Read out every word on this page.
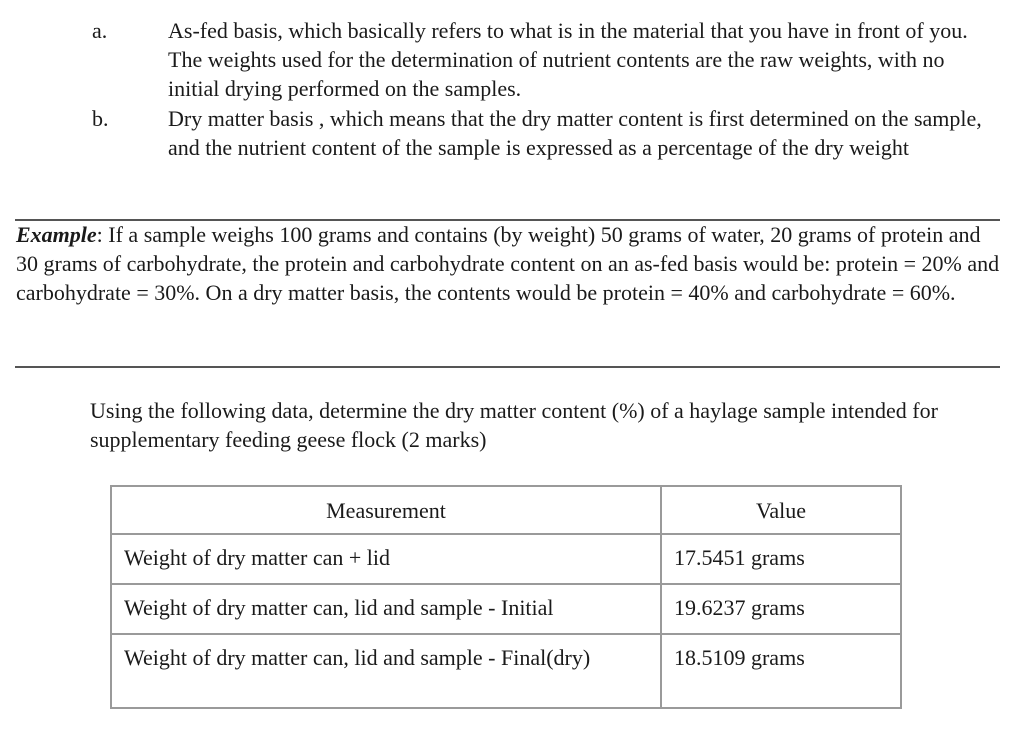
a.	As-fed basis, which basically refers to what is in the material that you have in front of you. The weights used for the determination of nutrient contents are the raw weights, with no initial drying performed on the samples.
b.	Dry matter basis , which means that the dry matter content is first determined on the sample, and the nutrient content of the sample is expressed as a percentage of the dry weight
Example: If a sample weighs 100 grams and contains (by weight) 50 grams of water, 20 grams of protein and 30 grams of carbohydrate, the protein and carbohydrate content on an as-fed basis would be: protein = 20% and carbohydrate = 30%. On a dry matter basis, the contents would be protein = 40% and carbohydrate = 60%.
Using the following data, determine the dry matter content (%) of a haylage sample intended for supplementary feeding geese flock (2 marks)
Measurement	Value
Weight of dry matter can + lid	17.5451 grams
Weight of dry matter can, lid and sample - Initial	19.6237 grams
Weight of dry matter can, lid and sample - Final(dry)	18.5109 grams
